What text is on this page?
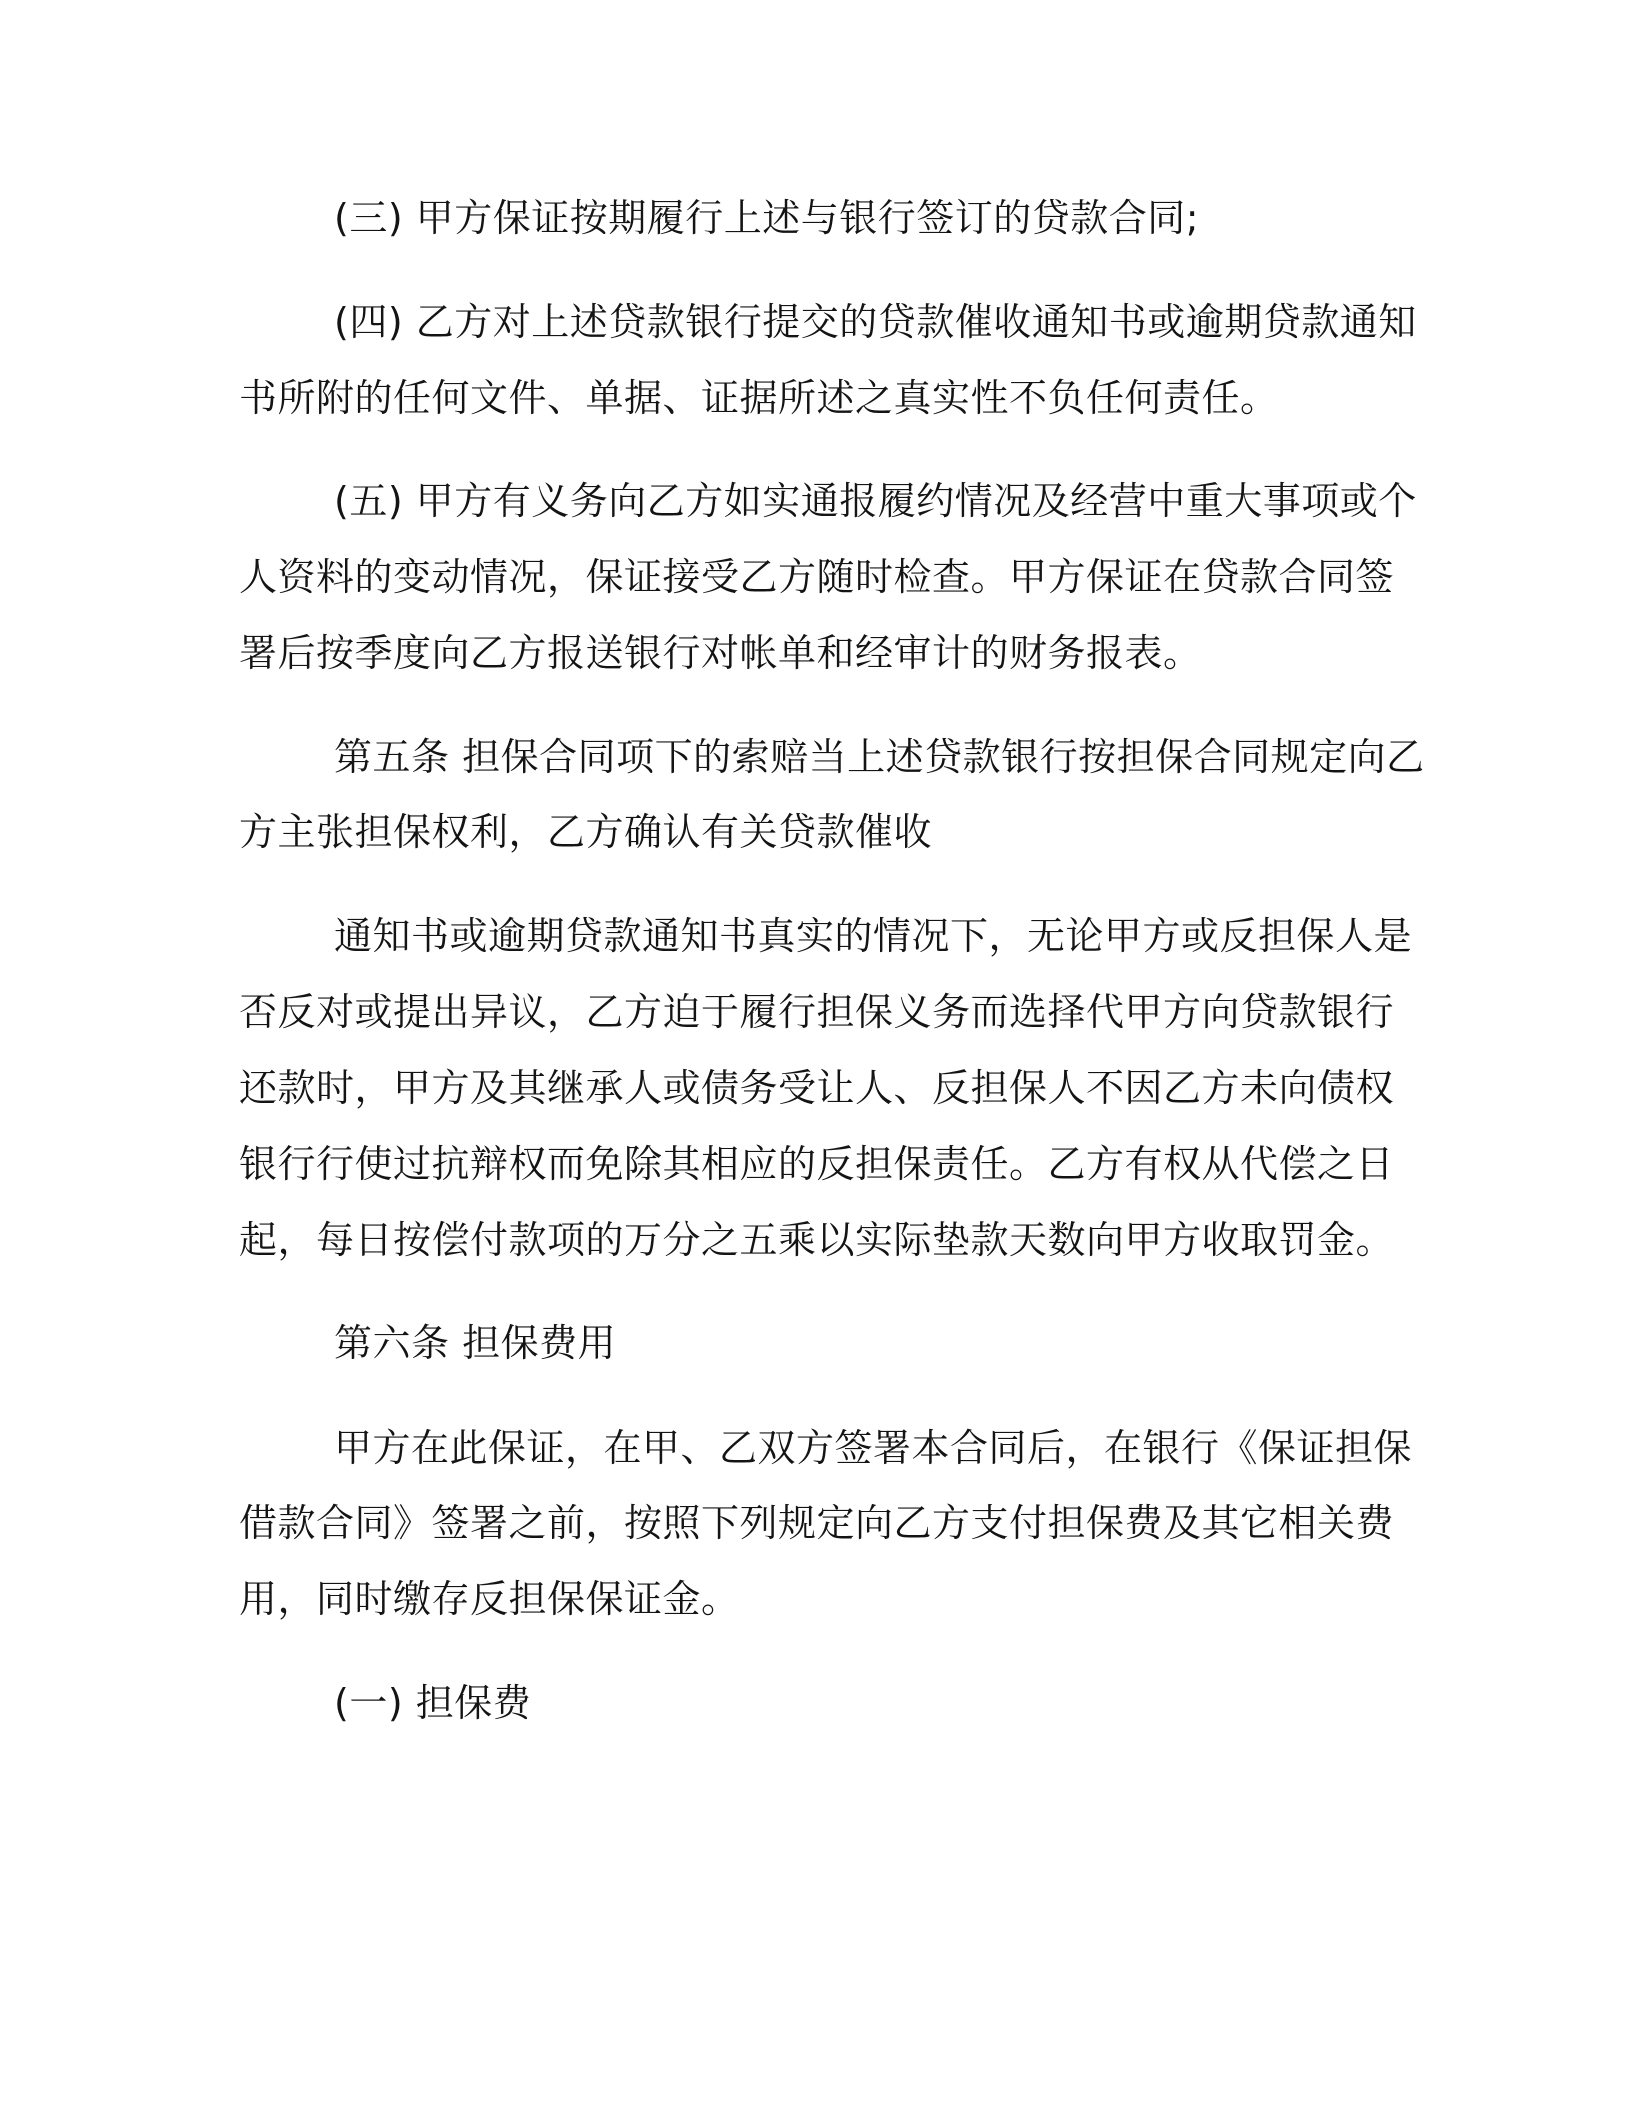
(三) 甲方保证按期履行上述与银行签订的贷款合同;
(四) 乙方对上述贷款银行提交的贷款催收通知书或逾期贷款通知
书所附的任何文件、单据、证据所述之真实性不负任何责任。
(五) 甲方有义务向乙方如实通报履约情况及经营中重大事项或个
人资料的变动情况，保证接受乙方随时检查。甲方保证在贷款合同签
署后按季度向乙方报送银行对帐单和经审计的财务报表。
第五条 担保合同项下的索赔当上述贷款银行按担保合同规定向乙
方主张担保权利，乙方确认有关贷款催收
通知书或逾期贷款通知书真实的情况下，无论甲方或反担保人是
否反对或提出异议，乙方迫于履行担保义务而选择代甲方向贷款银行
还款时，甲方及其继承人或债务受让人、反担保人不因乙方未向债权
银行行使过抗辩权而免除其相应的反担保责任。乙方有权从代偿之日
起，每日按偿付款项的万分之五乘以实际垫款天数向甲方收取罚金。
第六条 担保费用
甲方在此保证，在甲、乙双方签署本合同后，在银行《保证担保
借款合同》签署之前，按照下列规定向乙方支付担保费及其它相关费
用，同时缴存反担保保证金。
(一) 担保费
